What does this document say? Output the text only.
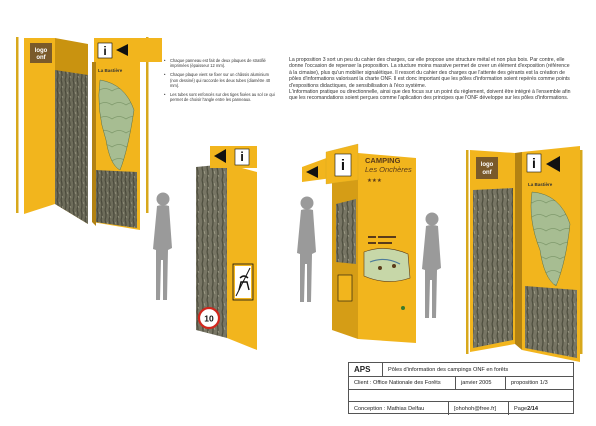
• Chaque panneau est fait de deux plaques de stratifié imprimées (épaisseur 12 mm).
• Chaque plaque vient se fixer sur un châssis aluminium (non dessiné) qui raccorde les deux tubes (diamètre 40 mm).
• Les tubes sont enfoncés sur des tiges fixées au sol ce qui permet de choisir l'angle entre les panneaux.

La proposition 3 sort un peu du cahier des charges, car elle propose une structure métal et non plus bois. Par contre, elle donne l'occasion de repenser la proposition. La stucture moins massive permet de creer un élément d'exposition (référence à la cimaise), plus qu'un mobilier signalétique. Il ressort du cahier des charges que l'attente des gérants est la création de pôles d'informations valorisant la charte ONF. Il est donc important que les pôles d'information soient repérés comme points d'expositions didactiques, de sensibilisation à l'éco système.

L'information pratique ou directionnelle, ainsi que des focus sur un point du règlement, doivent être intégré à l'ensemble afin que les recomandations soient perçues comme l'aplication des principes que l'ONF développe sur les pôles d'informations.

logo
onf	i
La Bastière
i
10
i	CAMPING
Les Onchères
★★★
logo
onf
i
La Bastière
APS	Pôles d'information des campings ONF en forêts
Client : Office Nationale des Forêts	janvier 2005	proposition 1/3
Conception : Mathias Delfau	[ohohoh@free.fr]	Page 2/14
